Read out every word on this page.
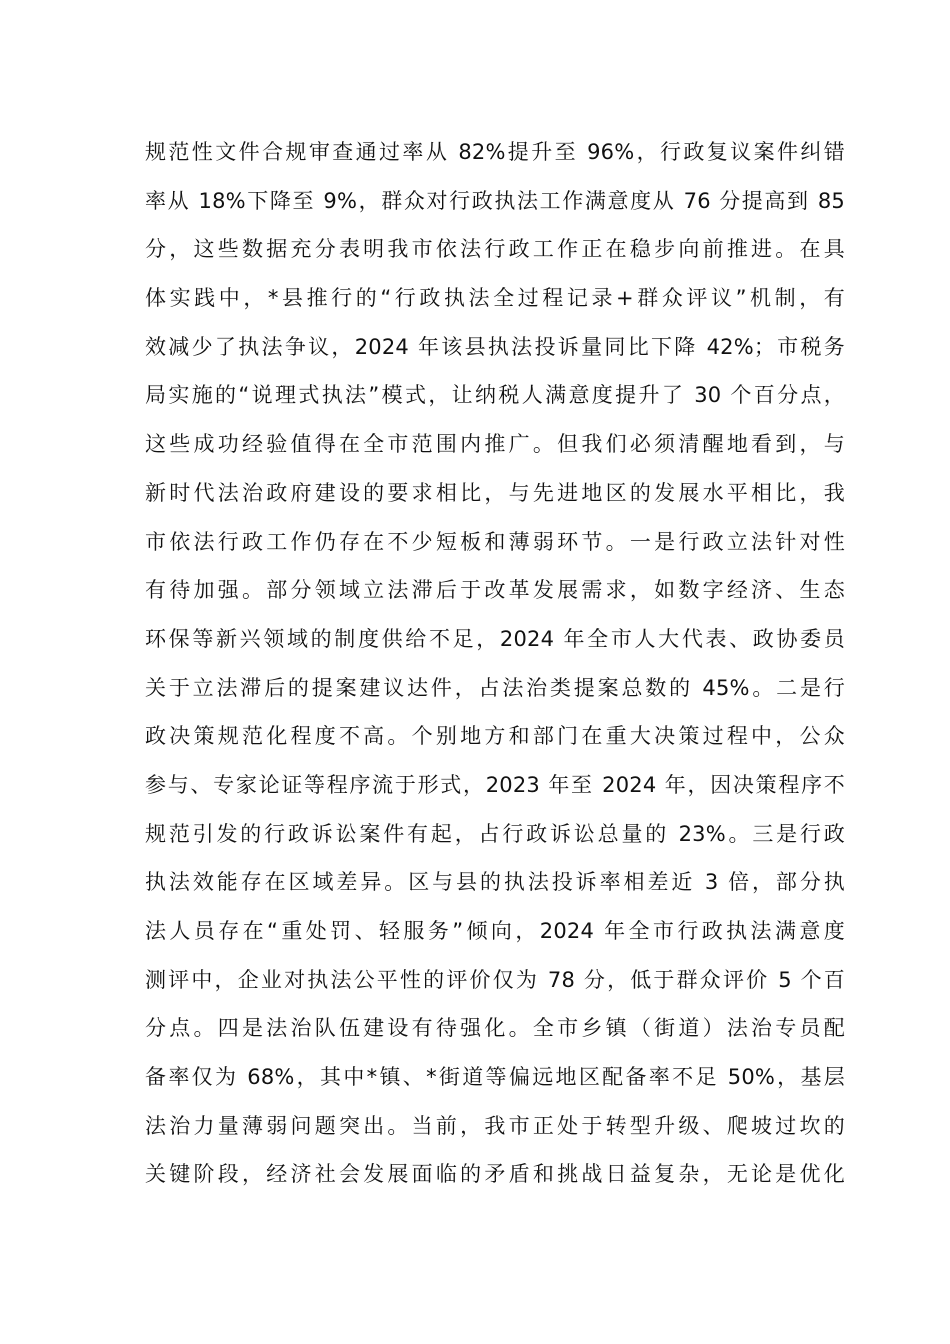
规范性文件合规审查通过率从 82%提升至 96%，行政复议案件纠错
率从 18%下降至 9%，群众对行政执法工作满意度从 76 分提高到 85
分，这些数据充分表明我市依法行政工作正在稳步向前推进。在具
体实践中，*县推行的“行政执法全过程记录+群众评议”机制，有
效减少了执法争议，2024 年该县执法投诉量同比下降 42%；市税务
局实施的“说理式执法”模式，让纳税人满意度提升了 30 个百分点，
这些成功经验值得在全市范围内推广。但我们必须清醒地看到，与
新时代法治政府建设的要求相比，与先进地区的发展水平相比，我
市依法行政工作仍存在不少短板和薄弱环节。一是行政立法针对性
有待加强。部分领域立法滞后于改革发展需求，如数字经济、生态
环保等新兴领域的制度供给不足，2024 年全市人大代表、政协委员
关于立法滞后的提案建议达件，占法治类提案总数的 45%。二是行
政决策规范化程度不高。个别地方和部门在重大决策过程中，公众
参与、专家论证等程序流于形式，2023 年至 2024 年，因决策程序不
规范引发的行政诉讼案件有起，占行政诉讼总量的 23%。三是行政
执法效能存在区域差异。区与县的执法投诉率相差近 3 倍，部分执
法人员存在“重处罚、轻服务”倾向，2024 年全市行政执法满意度
测评中，企业对执法公平性的评价仅为 78 分，低于群众评价 5 个百
分点。四是法治队伍建设有待强化。全市乡镇（街道）法治专员配
备率仅为 68%，其中*镇、*街道等偏远地区配备率不足 50%，基层
法治力量薄弱问题突出。当前，我市正处于转型升级、爬坡过坎的
关键阶段，经济社会发展面临的矛盾和挑战日益复杂，无论是优化
